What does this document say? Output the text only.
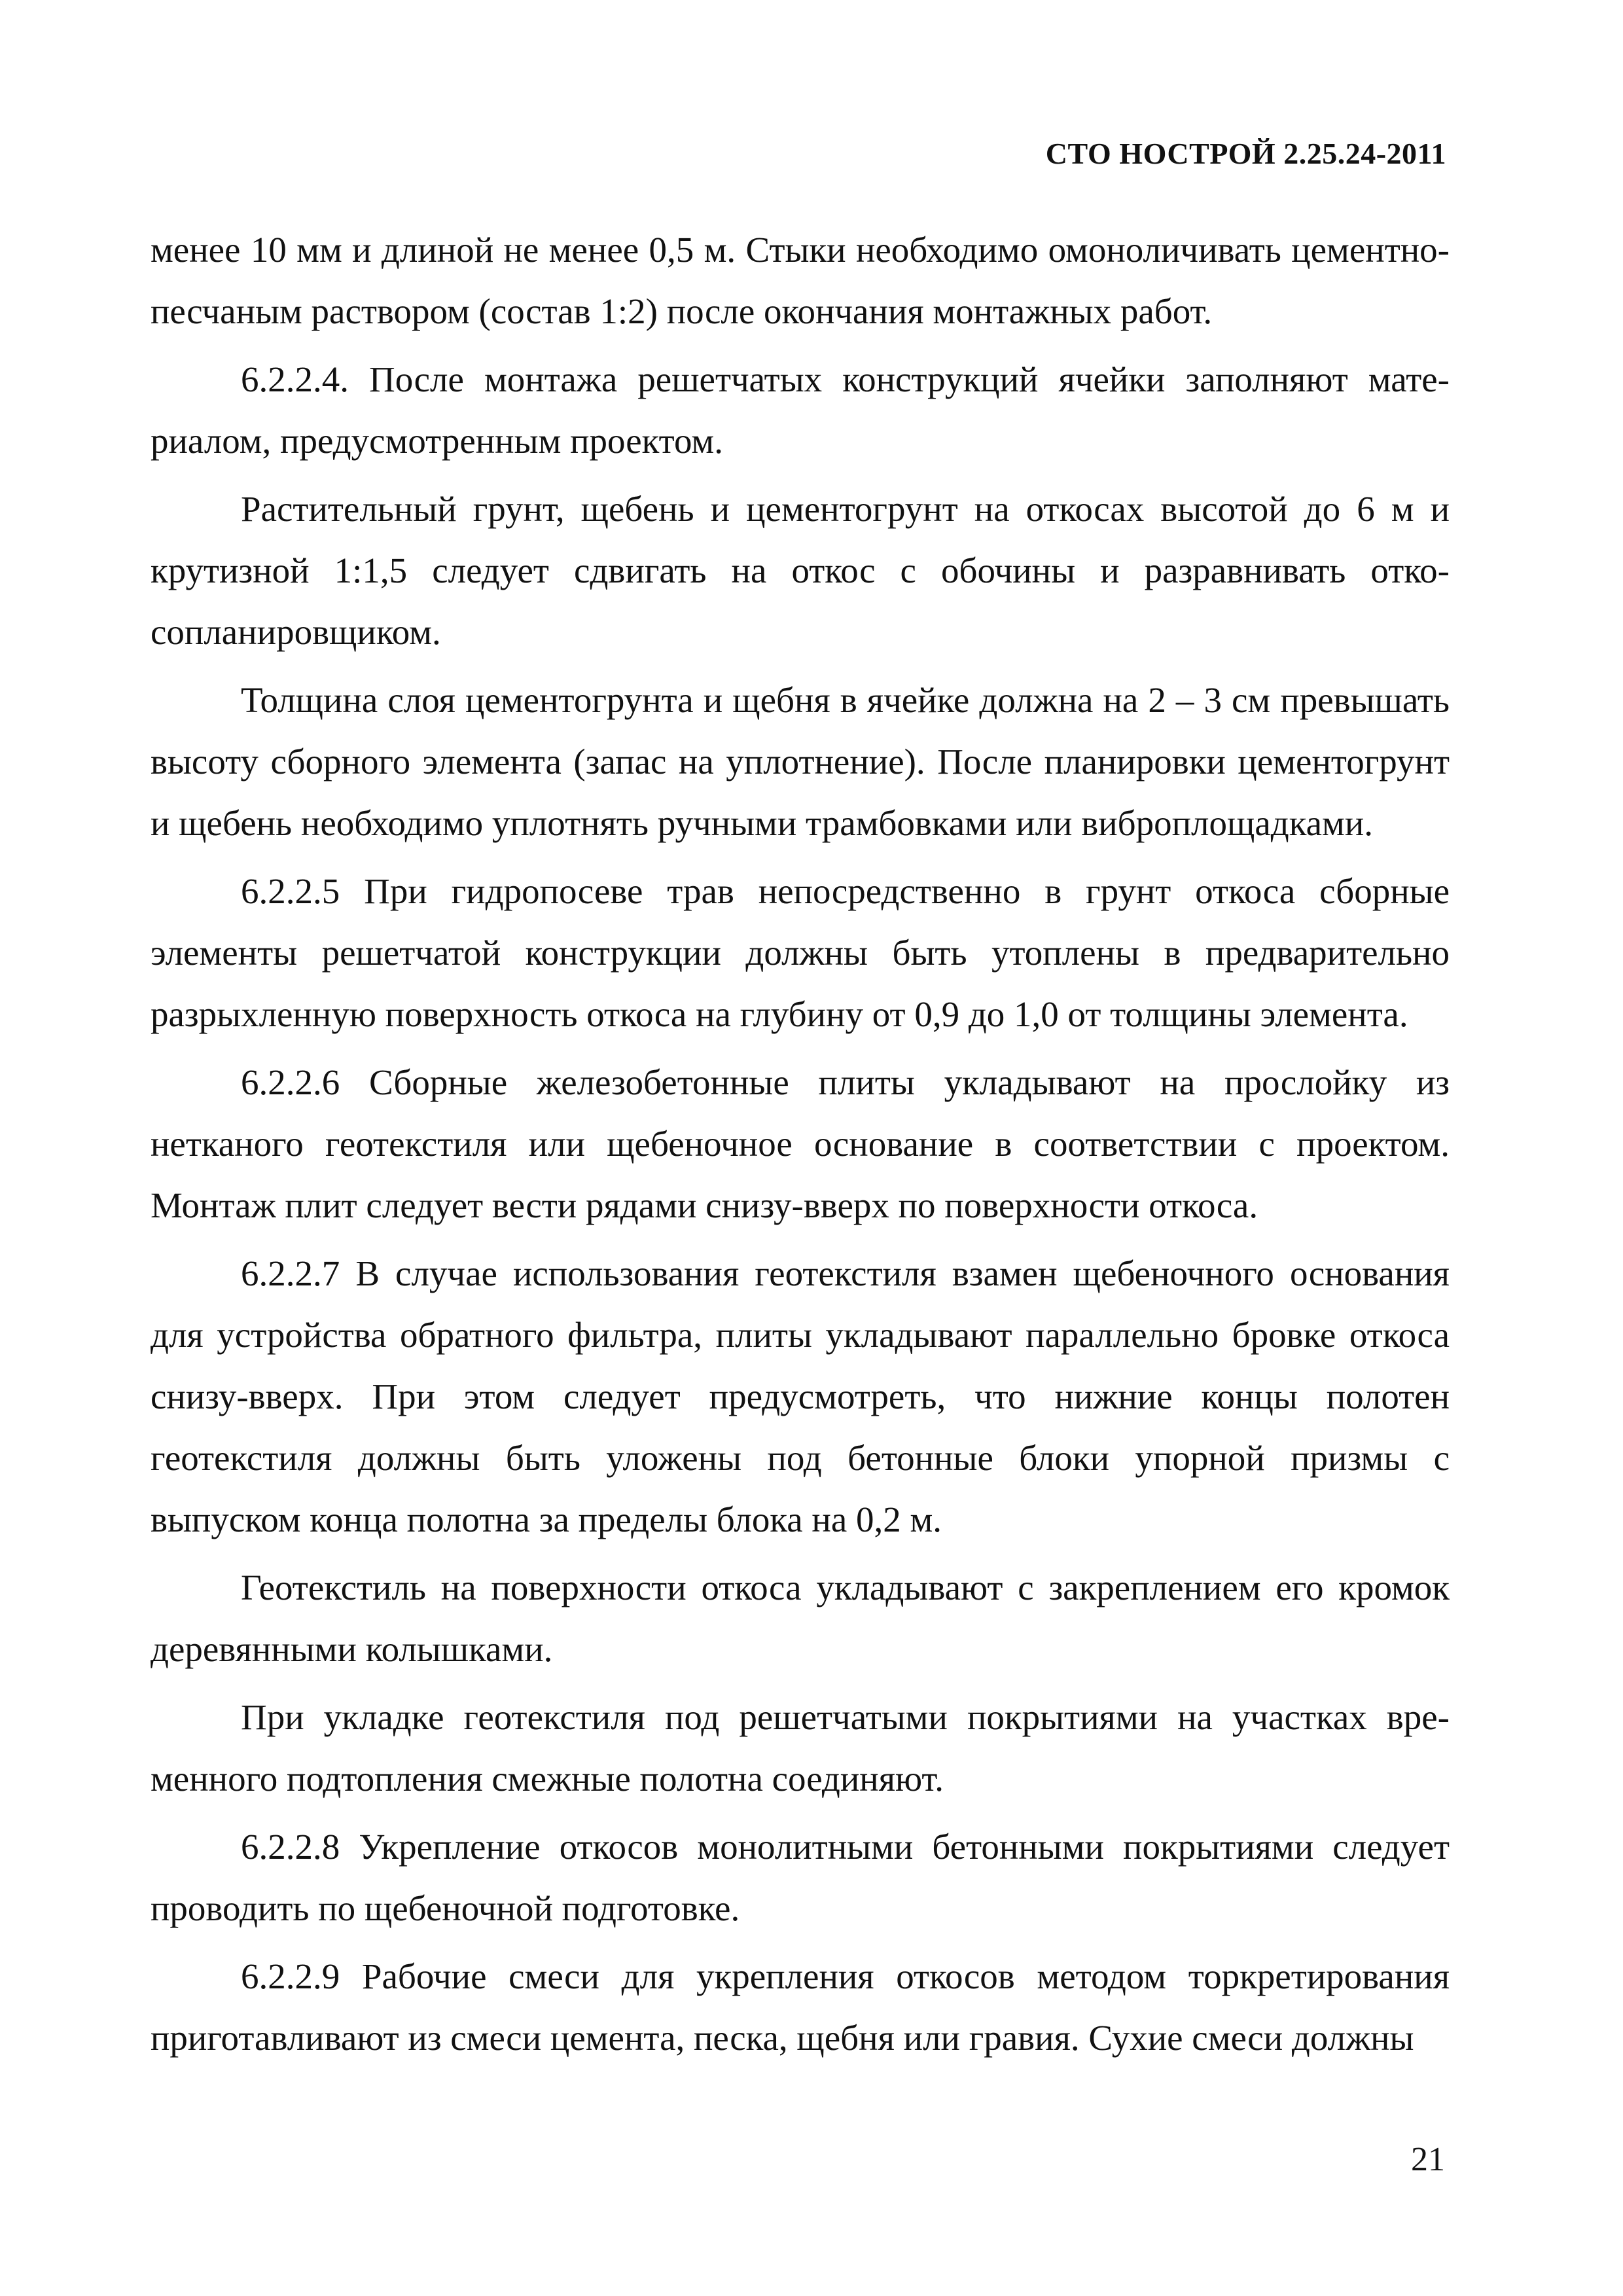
СТО НОСТРОЙ 2.25.24-2011

менее 10 мм и длиной не менее 0,5 м. Стыки необходимо омоноличивать цементно-песчаным раствором (состав 1:2) после окончания монтажных работ.

6.2.2.4. После монтажа решетчатых конструкций ячейки заполняют материалом, предусмотренным проектом.

Растительный грунт, щебень и цементогрунт на откосах высотой до 6 м и крутизной 1:1,5 следует сдвигать на откос с обочины и разравнивать откосопланировщиком.

Толщина слоя цементогрунта и щебня в ячейке должна на 2 – 3 см превышать высоту сборного элемента (запас на уплотнение). После планировки цементогрунт и щебень необходимо уплотнять ручными трамбовками или виброплощадками.

6.2.2.5 При гидропосеве трав непосредственно в грунт откоса сборные элементы решетчатой конструкции должны быть утоплены в предварительно разрыхленную поверхность откоса на глубину от 0,9 до 1,0 от толщины элемента.

6.2.2.6 Сборные железобетонные плиты укладывают на прослойку из нетканого геотекстиля или щебеночное основание в соответствии с проектом. Монтаж плит следует вести рядами снизу-вверх по поверхности откоса.

6.2.2.7 В случае использования геотекстиля взамен щебеночного основания для устройства обратного фильтра, плиты укладывают параллельно бровке откоса снизу-вверх. При этом следует предусмотреть, что нижние концы полотен геотекстиля должны быть уложены под бетонные блоки упорной призмы с выпуском конца полотна за пределы блока на 0,2 м.

Геотекстиль на поверхности откоса укладывают с закреплением его кромок деревянными колышками.

При укладке геотекстиля под решетчатыми покрытиями на участках временного подтопления смежные полотна соединяют.

6.2.2.8 Укрепление откосов монолитными бетонными покрытиями следует проводить по щебеночной подготовке.

6.2.2.9 Рабочие смеси для укрепления откосов методом торкретирования приготавливают из смеси цемента, песка, щебня или гравия. Сухие смеси должны

21
